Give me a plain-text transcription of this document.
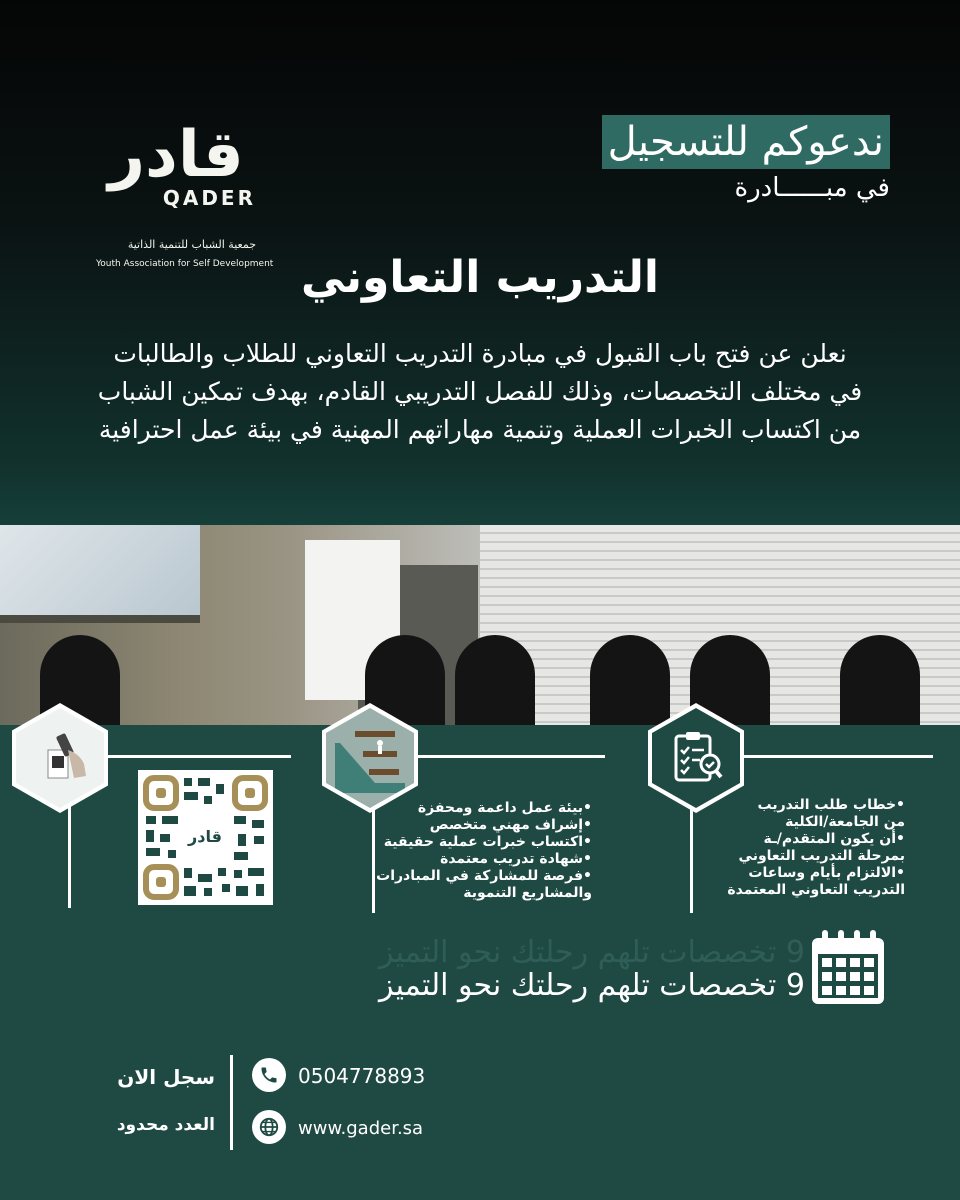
قادر
QADER
جمعية الشباب للتنمية الذاتية
Youth Association for Self Development
ندعوكم للتسجيل
في مبــــــادرة
التدريب التعاوني
نعلن عن فتح باب القبول في مبادرة التدريب التعاوني للطلاب والطالبات في مختلف التخصصات، وذلك للفصل التدريبي القادم، بهدف تمكين الشباب من اكتساب الخبرات العملية وتنمية مهاراتهم المهنية في بيئة عمل احترافية
قادر
•بيئة عمل داعمة ومحفزة
•إشراف مهني متخصص
•اكتساب خبرات عملية حقيقية
•شهادة تدريب معتمدة
•فرصة للمشاركة في المبادرات
والمشاريع التنموية
•خطاب طلب التدريب
من الجامعة/الكلية
•أن يكون المتقدم/ـة
بمرحلة التدريب التعاوني
•الالتزام بأيام وساعات
التدريب التعاوني المعتمدة
9 تخصصات تلهم رحلتك نحو التميز
9 تخصصات تلهم رحلتك نحو التميز
سجل الان
العدد محدود
0504778893
www.gader.sa
